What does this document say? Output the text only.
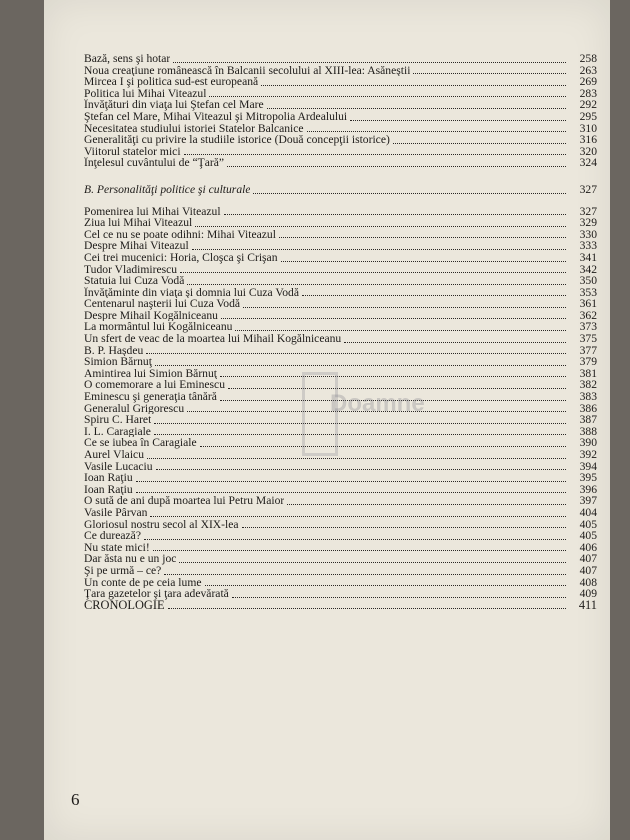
Bază, sens şi hotar	258
Noua creaţiune românească în Balcanii secolului al XIII-lea: Asăneştii	263
Mircea I şi politica sud-est europeană	269
Politica lui Mihai Viteazul	283
Învăţături din viaţa lui Ştefan cel Mare	292
Ştefan cel Mare, Mihai Viteazul şi Mitropolia Ardealului	295
Necesitatea studiului istoriei Statelor Balcanice	310
Generalităţi cu privire la studiile istorice (Două concepţii istorice)	316
Viitorul statelor mici	320
Înţelesul cuvântului de “Ţară”	324
B. Personalităţi politice şi culturale	327
Pomenirea lui Mihai Viteazul	327
Ziua lui Mihai Viteazul	329
Cel ce nu se poate odihni: Mihai Viteazul	330
Despre Mihai Viteazul	333
Cei trei mucenici: Horia, Cloşca şi Crişan	341
Tudor Vladimirescu	342
Statuia lui Cuza Vodă	350
Învăţăminte din viaţa şi domnia lui Cuza Vodă	353
Centenarul naşterii lui Cuza Vodă	361
Despre Mihail Kogălniceanu	362
La mormântul lui Kogălniceanu	373
Un sfert de veac de la moartea lui Mihail Kogălniceanu	375
B. P. Haşdeu	377
Simion Bărnuţ	379
Amintirea lui Simion Bărnuţ	381
O comemorare a lui Eminescu	382
Eminescu şi generaţia tânără	383
Generalul Grigorescu	386
Spiru C. Haret	387
I. L. Caragiale	388
Ce se iubea în Caragiale	390
Aurel Vlaicu	392
Vasile Lucaciu	394
Ioan Raţiu	395
Ioan Raţiu	396
O sută de ani după moartea lui Petru Maior	397
Vasile Pârvan	404
Gloriosul nostru secol al XIX-lea	405
Ce durează?	405
Nu state mici!	406
Dar ăsta nu e un joc	407
Şi pe urmă – ce?	407
Un conte de pe ceia lume	408
Ţara gazetelor şi ţara adevărată	409
CRONOLOGIE	411
Doamne
6
